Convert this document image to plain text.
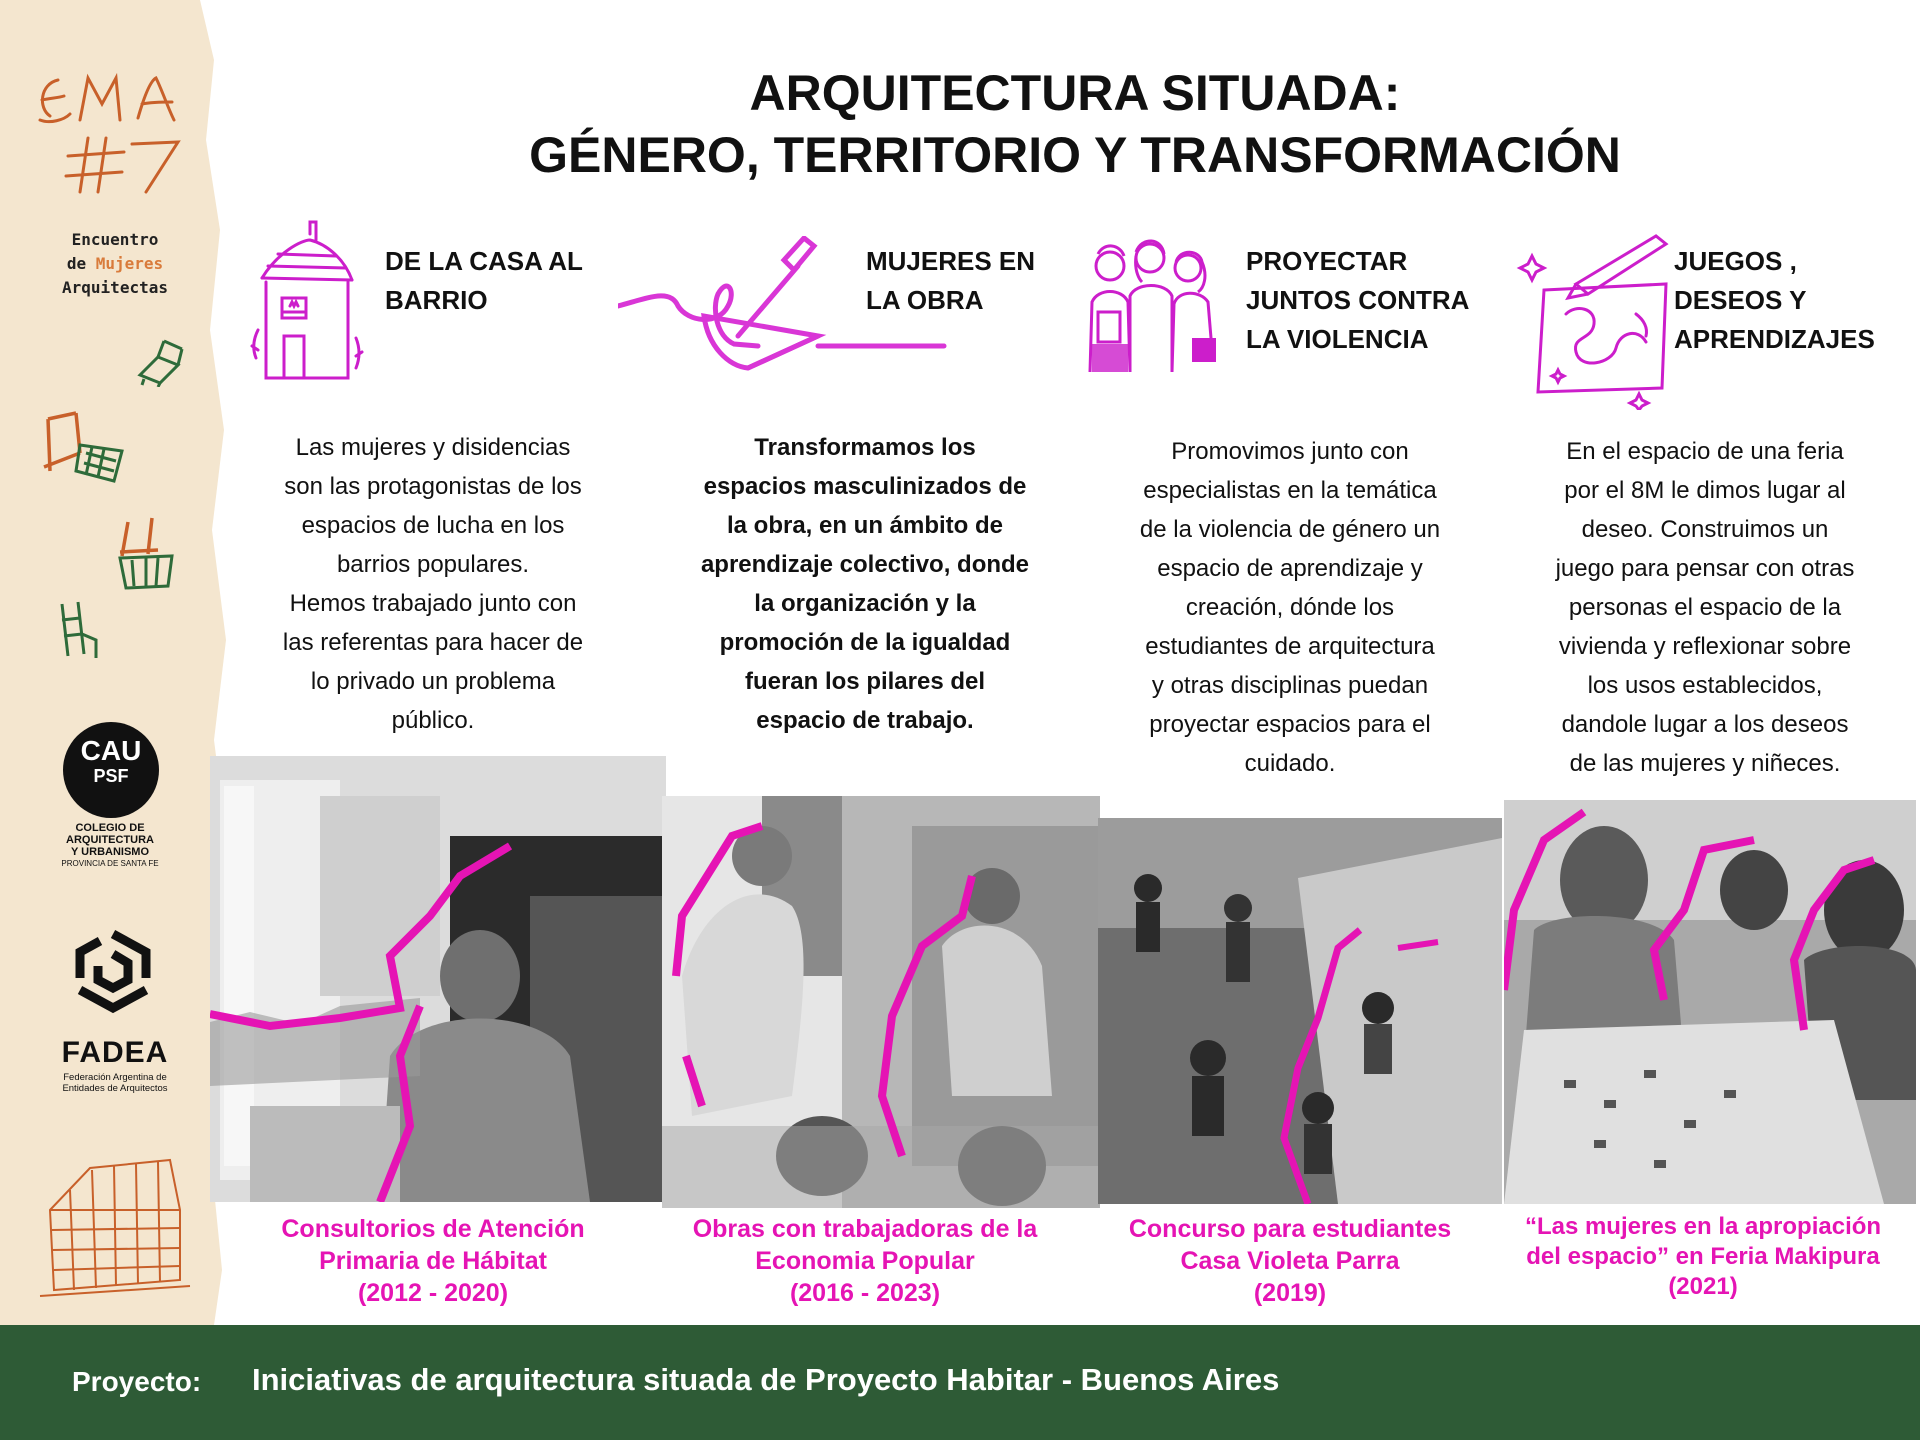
Encuentro
de Mujeres
Arquitectas
CAU
PSF
COLEGIO DE
ARQUITECTURA
Y URBANISMO
PROVINCIA DE SANTA FE
FADEA
Federación Argentina de
Entidades de Arquitectos
ARQUITECTURA SITUADA:
GÉNERO, TERRITORIO Y TRANSFORMACIÓN
DE LA CASA AL
BARRIO
Las mujeres y disidencias
son las protagonistas de los
espacios de lucha en los
barrios populares.
Hemos trabajado junto con
las referentas para hacer de
lo privado un problema
público.
Consultorios de Atención
Primaria de Hábitat
(2012 - 2020)
MUJERES EN
LA OBRA
Transformamos los
espacios masculinizados de
la obra, en un ámbito de
aprendizaje colectivo, donde
la organización y la
promoción de la igualdad
fueran los pilares del
espacio de trabajo.
Obras con trabajadoras de la
Economia Popular
(2016 - 2023)
PROYECTAR
JUNTOS CONTRA
LA VIOLENCIA
Promovimos junto con
especialistas en la temática
de la violencia de género un
espacio de aprendizaje y
creación, dónde los
estudiantes de arquitectura
y otras disciplinas puedan
proyectar espacios para el
cuidado.
Concurso para estudiantes
Casa Violeta Parra
(2019)
JUEGOS ,
DESEOS Y
APRENDIZAJES
En el espacio de una feria
por el 8M le dimos lugar al
deseo. Construimos un
juego para pensar con otras
personas el espacio de la
vivienda y reflexionar sobre
los usos establecidos,
dandole lugar a los deseos
de las mujeres y niñeces.
“Las mujeres en la apropiación
del espacio” en Feria Makipura
(2021)
Proyecto: Iniciativas de arquitectura situada de Proyecto Habitar - Buenos Aires
